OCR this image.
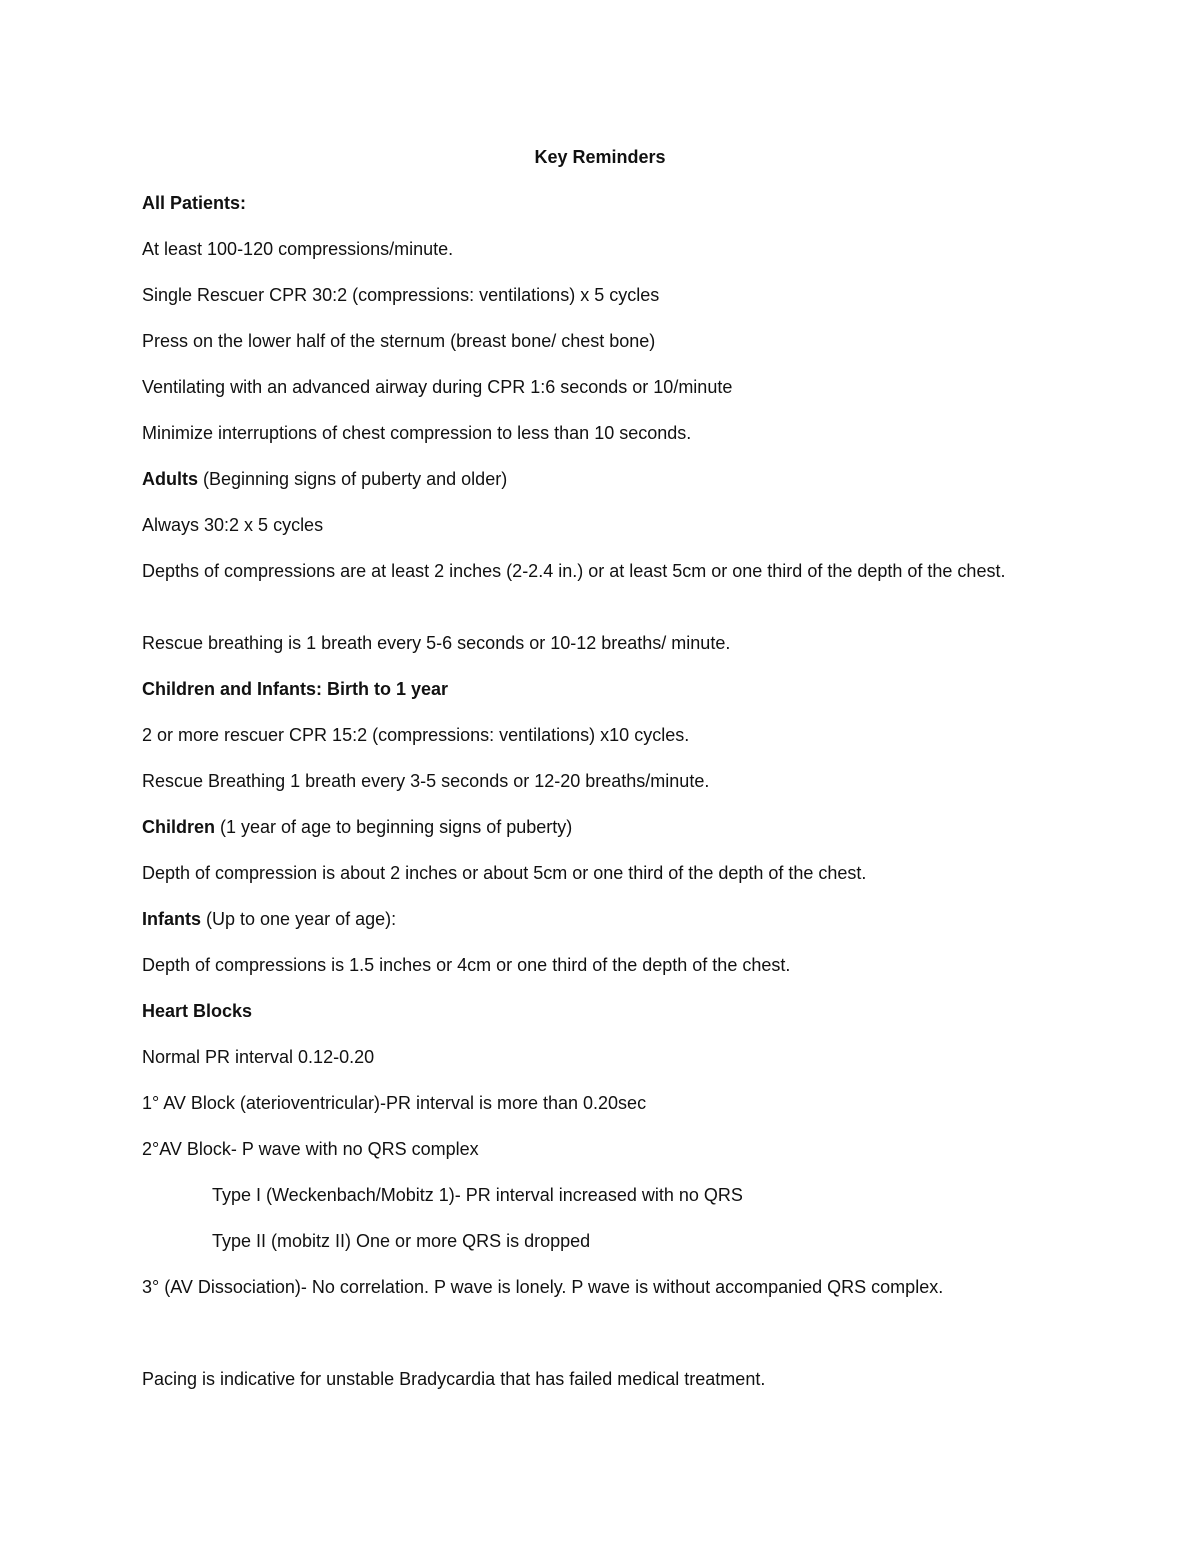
Key Reminders
All Patients:
At least 100-120 compressions/minute.
Single Rescuer CPR 30:2 (compressions: ventilations) x 5 cycles
Press on the lower half of the sternum (breast bone/ chest bone)
Ventilating with an advanced airway during CPR 1:6 seconds or 10/minute
Minimize interruptions of chest compression to less than 10 seconds.
Adults (Beginning signs of puberty and older)
Always 30:2 x 5 cycles
Depths of compressions are at least 2 inches (2-2.4 in.) or at least 5cm or one third of the depth of the chest.
Rescue breathing is 1 breath every 5-6 seconds or 10-12 breaths/ minute.
Children and Infants: Birth to 1 year
2 or more rescuer CPR 15:2 (compressions: ventilations) x10 cycles.
Rescue Breathing 1 breath every 3-5 seconds or 12-20 breaths/minute.
Children (1 year of age to beginning signs of puberty)
Depth of compression is about 2 inches or about 5cm or one third of the depth of the chest.
Infants (Up to one year of age):
Depth of compressions is 1.5 inches or 4cm or one third of the depth of the chest.
Heart Blocks
Normal PR interval 0.12-0.20
1° AV Block (aterioventricular)-PR interval is more than 0.20sec
2°AV Block- P wave with no QRS complex
Type I (Weckenbach/Mobitz 1)- PR interval increased with no QRS
Type II (mobitz II) One or more QRS is dropped
3° (AV Dissociation)- No correlation. P wave is lonely. P wave is without accompanied QRS complex.
Pacing is indicative for unstable Bradycardia that has failed medical treatment.
